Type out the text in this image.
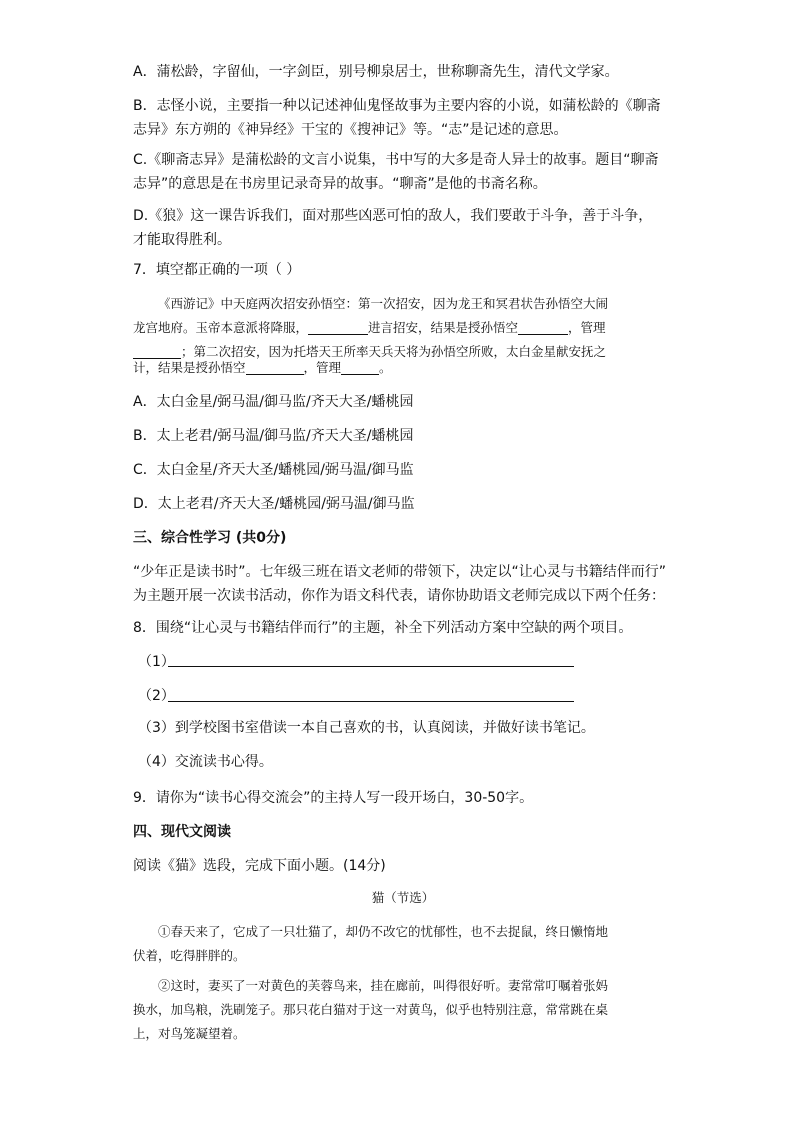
A．蒲松龄，字留仙，一字剑臣，别号柳泉居士，世称聊斋先生，清代文学家。
B．志怪小说，主要指一种以记述神仙鬼怪故事为主要内容的小说，如蒲松龄的《聊斋
志异》东方朔的《神异经》干宝的《搜神记》等。“志”是记述的意思。
C.《聊斋志异》是蒲松龄的文言小说集，书中写的大多是奇人异士的故事。题目“聊斋
志异”的意思是在书房里记录奇异的故事。“聊斋”是他的书斋名称。
D.《狼》这一课告诉我们，面对那些凶恶可怕的敌人，我们要敢于斗争，善于斗争，
才能取得胜利。
7．填空都正确的一项（ ）
《西游记》中天庭两次招安孙悟空：第一次招安，因为龙王和冥君状告孙悟空大闹
龙宫地府。玉帝本意派将降服，	进言招安，结果是授孙悟空	，管理
；第二次招安，因为托塔天王所率天兵天将为孙悟空所败，太白金星献安抚之
计，结果是授孙悟空	，管理	。
A．太白金星/弼马温/御马监/齐天大圣/蟠桃园
B．太上老君/弼马温/御马监/齐天大圣/蟠桃园
C．太白金星/齐天大圣/蟠桃园/弼马温/御马监
D．太上老君/齐天大圣/蟠桃园/弼马温/御马监
三、综合性学习 (共0分)
“少年正是读书时”。七年级三班在语文老师的带领下，决定以“让心灵与书籍结伴而行”
为主题开展一次读书活动，你作为语文科代表，请你协助语文老师完成以下两个任务：
8．围绕“让心灵与书籍结伴而行”的主题，补全下列活动方案中空缺的两个项目。
（1）
（2）
（3）到学校图书室借读一本自己喜欢的书，认真阅读，并做好读书笔记。
（4）交流读书心得。
9．请你为“读书心得交流会”的主持人写一段开场白，30-50字。
四、现代文阅读
阅读《猫》选段，完成下面小题。(14分)
猫（节选）
①春天来了，它成了一只壮猫了，却仍不改它的忧郁性，也不去捉鼠，终日懒惰地
伏着，吃得胖胖的。
②这时，妻买了一对黄色的芙蓉鸟来，挂在廊前，叫得很好听。妻常常叮嘱着张妈
换水，加鸟粮，洗刷笼子。那只花白猫对于这一对黄鸟，似乎也特别注意，常常跳在桌
上，对鸟笼凝望着。
